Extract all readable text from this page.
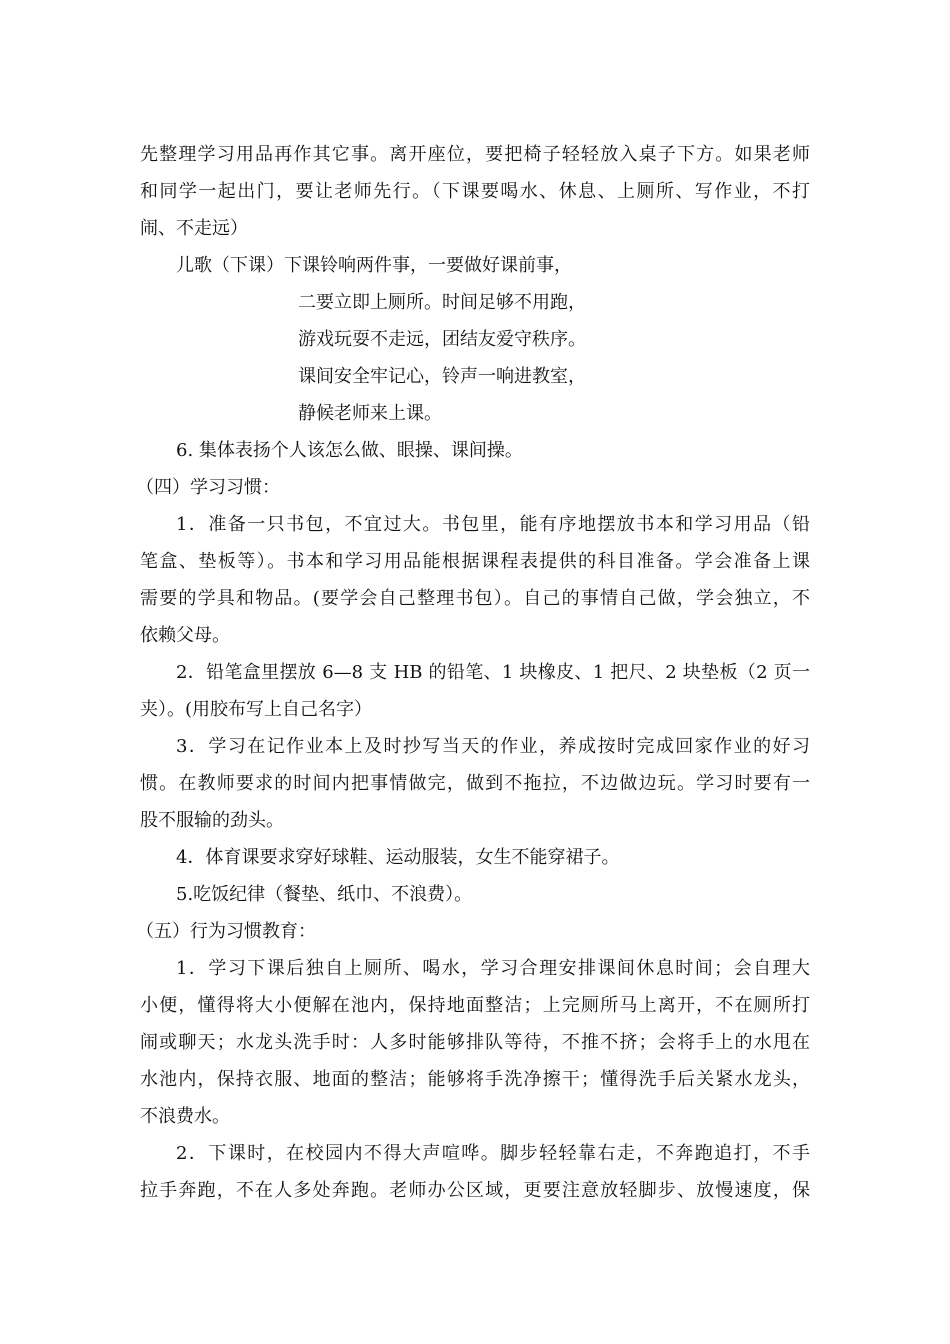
先整理学习用品再作其它事。离开座位，要把椅子轻轻放入桌子下方。如果老师
和同学一起出门，要让老师先行。（下课要喝水、休息、上厕所、写作业，不打
闹、不走远）
儿歌（下课）下课铃响两件事，一要做好课前事，
二要立即上厕所。时间足够不用跑，
游戏玩耍不走远，团结友爱守秩序。
课间安全牢记心，铃声一响进教室，
静候老师来上课。
6. 集体表扬个人该怎么做、眼操、课间操。
（四）学习习惯：
1．准备一只书包，不宜过大。书包里，能有序地摆放书本和学习用品（铅
笔盒、垫板等）。书本和学习用品能根据课程表提供的科目准备。学会准备上课
需要的学具和物品。(要学会自己整理书包）。自己的事情自己做，学会独立，不
依赖父母。
2．铅笔盒里摆放 6—8 支 HB 的铅笔、1 块橡皮、1 把尺、2 块垫板（2 页一
夹）。(用胶布写上自己名字）
3．学习在记作业本上及时抄写当天的作业，养成按时完成回家作业的好习
惯。在教师要求的时间内把事情做完，做到不拖拉，不边做边玩。学习时要有一
股不服输的劲头。
4．体育课要求穿好球鞋、运动服装，女生不能穿裙子。
5.吃饭纪律（餐垫、纸巾、不浪费）。
（五）行为习惯教育：
1．学习下课后独自上厕所、喝水，学习合理安排课间休息时间；会自理大
小便，懂得将大小便解在池内，保持地面整洁；上完厕所马上离开，不在厕所打
闹或聊天；水龙头洗手时：人多时能够排队等待，不推不挤；会将手上的水甩在
水池内，保持衣服、地面的整洁；能够将手洗净擦干；懂得洗手后关紧水龙头，
不浪费水。
2．下课时，在校园内不得大声喧哗。脚步轻轻靠右走，不奔跑追打，不手
拉手奔跑，不在人多处奔跑。老师办公区域，更要注意放轻脚步、放慢速度，保
